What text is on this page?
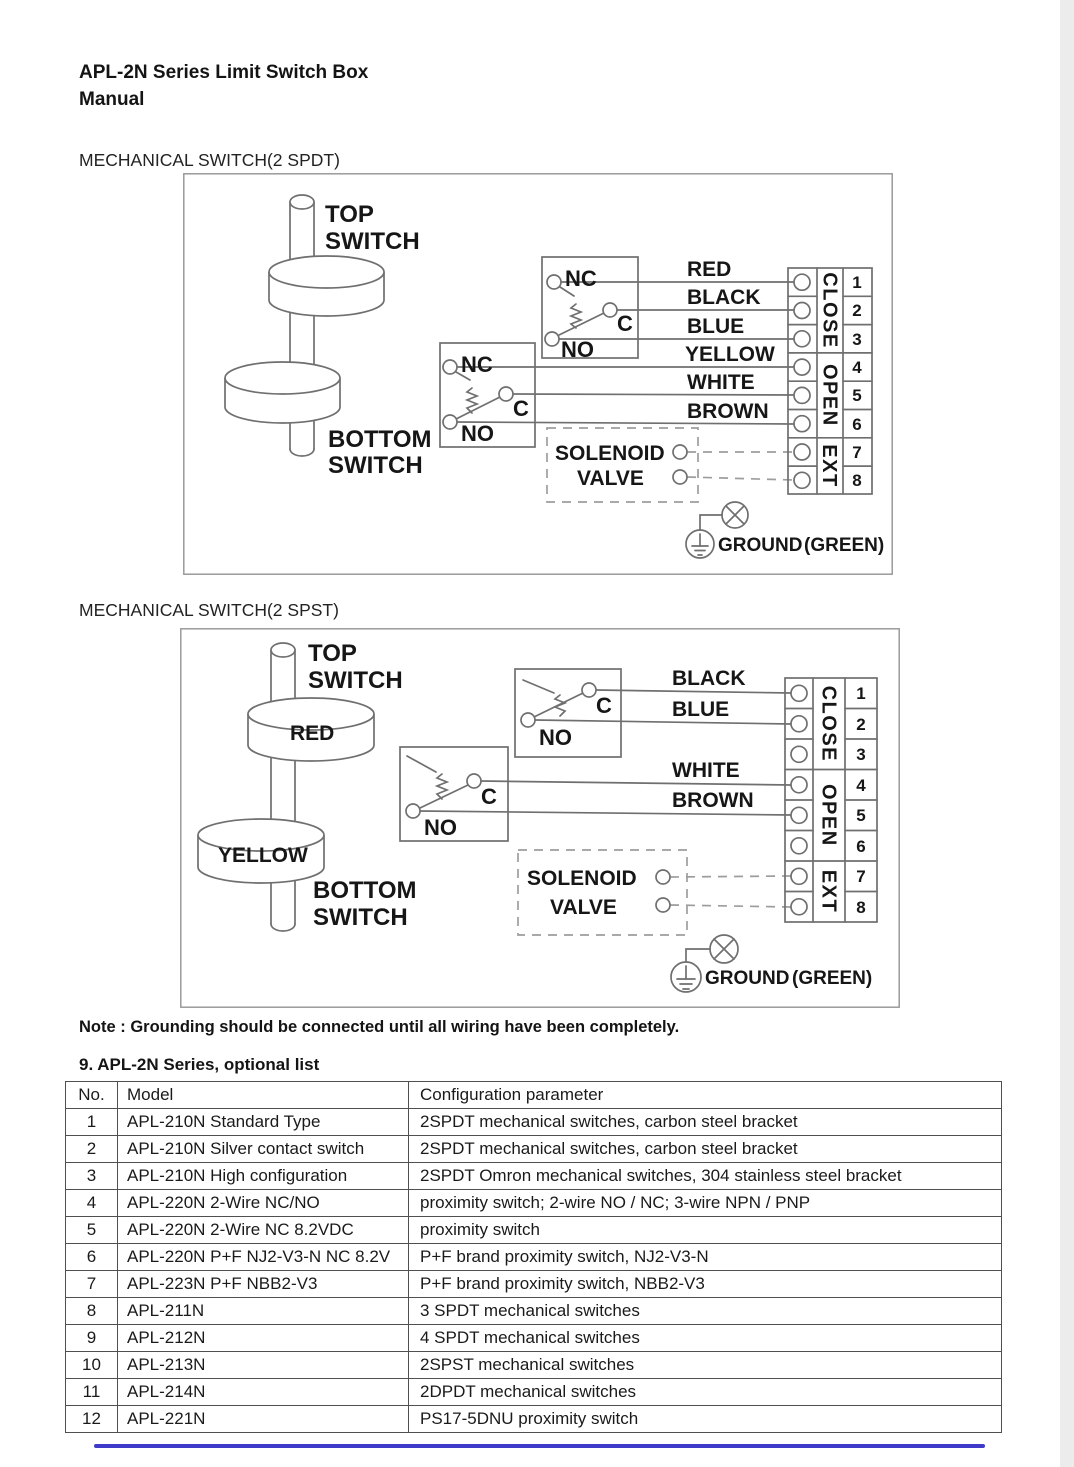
APL-2N Series Limit Switch Box
Manual
MECHANICAL SWITCH(2 SPDT)
TOP
SWITCH
BOTTOM
SWITCH
NC
C
NO
NC
C
NO
RED
BLACK
BLUE
YELLOW
WHITE
BROWN
SOLENOID
VALVE
CLOSE
OPEN
EXT
1
2
3
4
5
6
7
8
GROUND (GREEN)
MECHANICAL SWITCH(2 SPST)
RED
YELLOW
TOP
SWITCH
BOTTOM
SWITCH
C
NO
C
NO
BLACK
BLUE
WHITE
BROWN
SOLENOID
VALVE
CLOSE
OPEN
EXT
1
2
3
4
5
6
7
8
GROUND (GREEN)
Note : Grounding should be connected until all wiring have been completely.
9. APL-2N Series, optional list
No.	Model	Configuration parameter
1	APL-210N Standard Type	2SPDT mechanical switches, carbon steel bracket
2	APL-210N Silver contact switch	2SPDT mechanical switches, carbon steel bracket
3	APL-210N High configuration	2SPDT Omron mechanical switches, 304 stainless steel bracket
4	APL-220N 2-Wire NC/NO	proximity switch; 2-wire NO / NC; 3-wire NPN / PNP
5	APL-220N 2-Wire NC 8.2VDC	proximity switch
6	APL-220N P+F NJ2-V3-N NC 8.2V	P+F brand proximity switch, NJ2-V3-N
7	APL-223N P+F NBB2-V3	P+F brand proximity switch, NBB2-V3
8	APL-211N	3 SPDT mechanical switches
9	APL-212N	4 SPDT mechanical switches
10	APL-213N	2SPST mechanical switches
11	APL-214N	2DPDT mechanical switches
12	APL-221N	PS17-5DNU proximity switch
